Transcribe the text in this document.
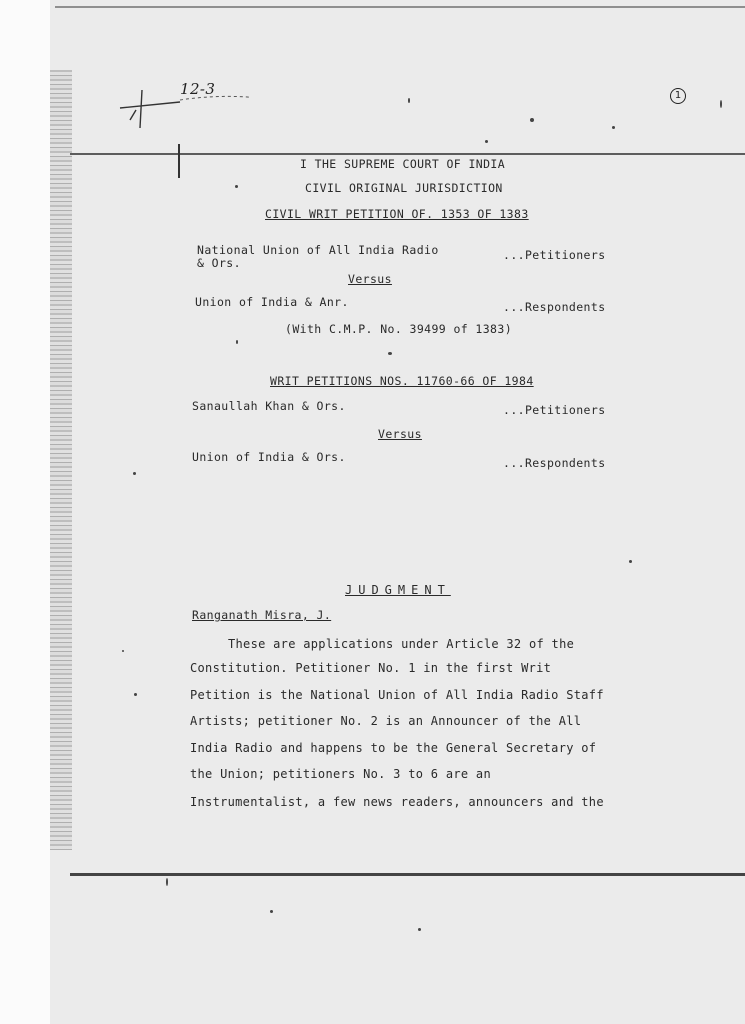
12-3	1
I THE SUPREME COURT OF INDIA
CIVIL ORIGINAL JURISDICTION
CIVIL WRIT PETITION OF. 1353 OF 1383
National Union of All India Radio
& Ors.
...Petitioners
Versus
Union of India & Anr.	...Respondents
(With C.M.P. No. 39499 of 1383)
WRIT PETITIONS NOS. 11760-66 OF 1984
Sanaullah Khan & Ors.	...Petitioners
Versus
Union of India & Ors.	...Respondents
JUDGMENT
Ranganath Misra, J.
These are applications under Article 32 of the
Constitution. Petitioner No. 1 in the first Writ
Petition is the National Union of All India Radio Staff
Artists; petitioner No. 2 is an Announcer of the All
India Radio and happens to be the General Secretary of
the Union; petitioners No. 3 to 6 are an
Instrumentalist, a few news readers, announcers and the
